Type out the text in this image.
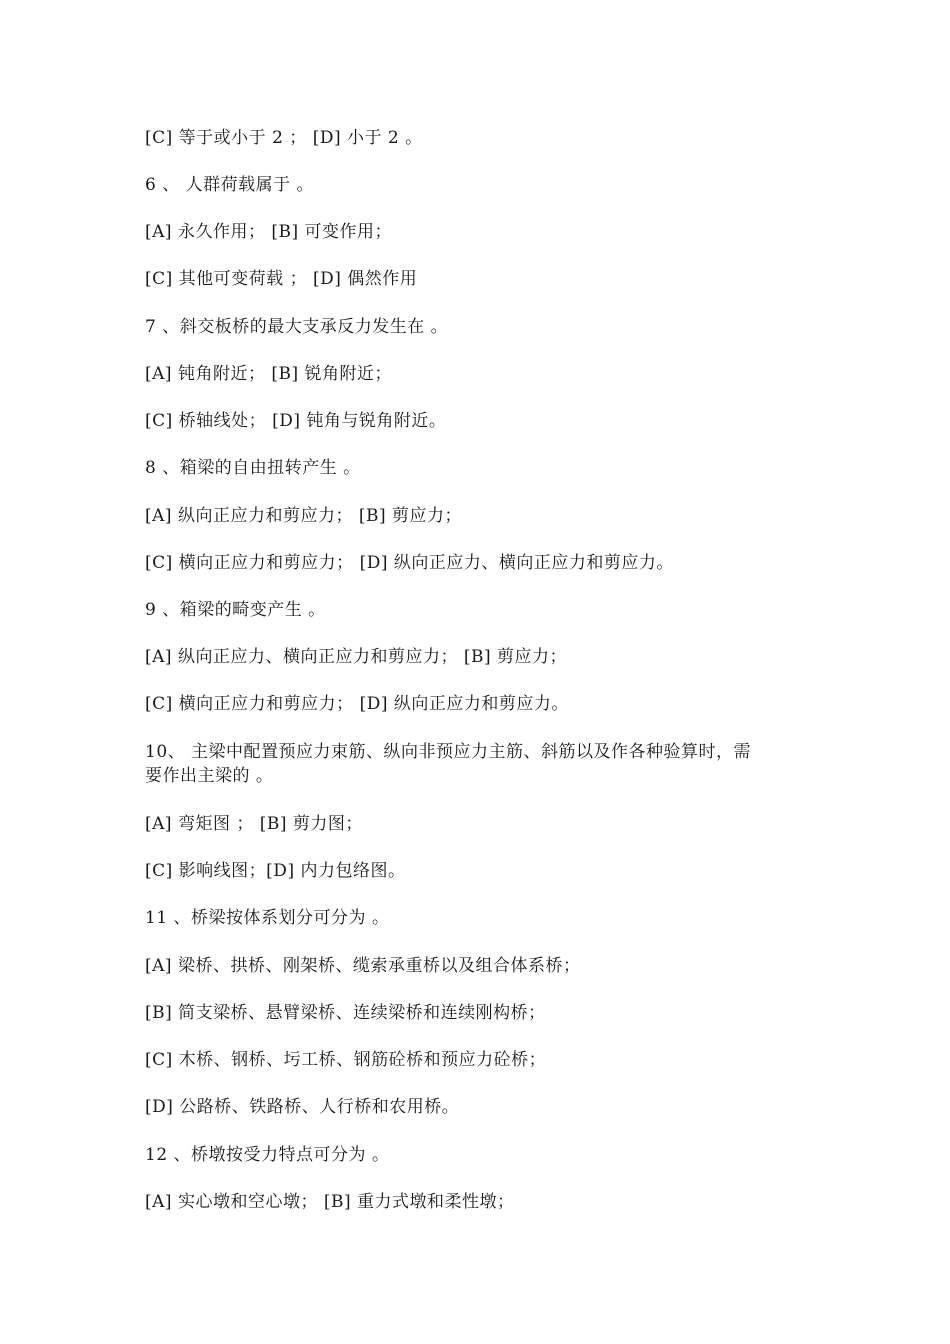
[C] 等于或小于 2 ； [D] 小于 2 。
6 、 人群荷载属于 。
[A] 永久作用； [B] 可变作用；
[C] 其他可变荷载 ； [D] 偶然作用
7 、斜交板桥的最大支承反力发生在 。
[A] 钝角附近； [B] 锐角附近；
[C] 桥轴线处； [D] 钝角与锐角附近。
8 、箱梁的自由扭转产生 。
[A] 纵向正应力和剪应力； [B] 剪应力；
[C] 横向正应力和剪应力； [D] 纵向正应力、横向正应力和剪应力。
9 、箱梁的畸变产生 。
[A] 纵向正应力、横向正应力和剪应力； [B] 剪应力；
[C] 横向正应力和剪应力； [D] 纵向正应力和剪应力。
10、 主梁中配置预应力束筋、纵向非预应力主筋、斜筋以及作各种验算时，需
要作出主梁的 。
[A] 弯矩图 ； [B] 剪力图；
[C] 影响线图；[D] 内力包络图。
11 、桥梁按体系划分可分为 。
[A] 梁桥、拱桥、刚架桥、缆索承重桥以及组合体系桥；
[B] 简支梁桥、悬臂梁桥、连续梁桥和连续刚构桥；
[C] 木桥、钢桥、圬工桥、钢筋砼桥和预应力砼桥；
[D] 公路桥、铁路桥、人行桥和农用桥。
12 、桥墩按受力特点可分为 。
[A] 实心墩和空心墩； [B] 重力式墩和柔性墩；
